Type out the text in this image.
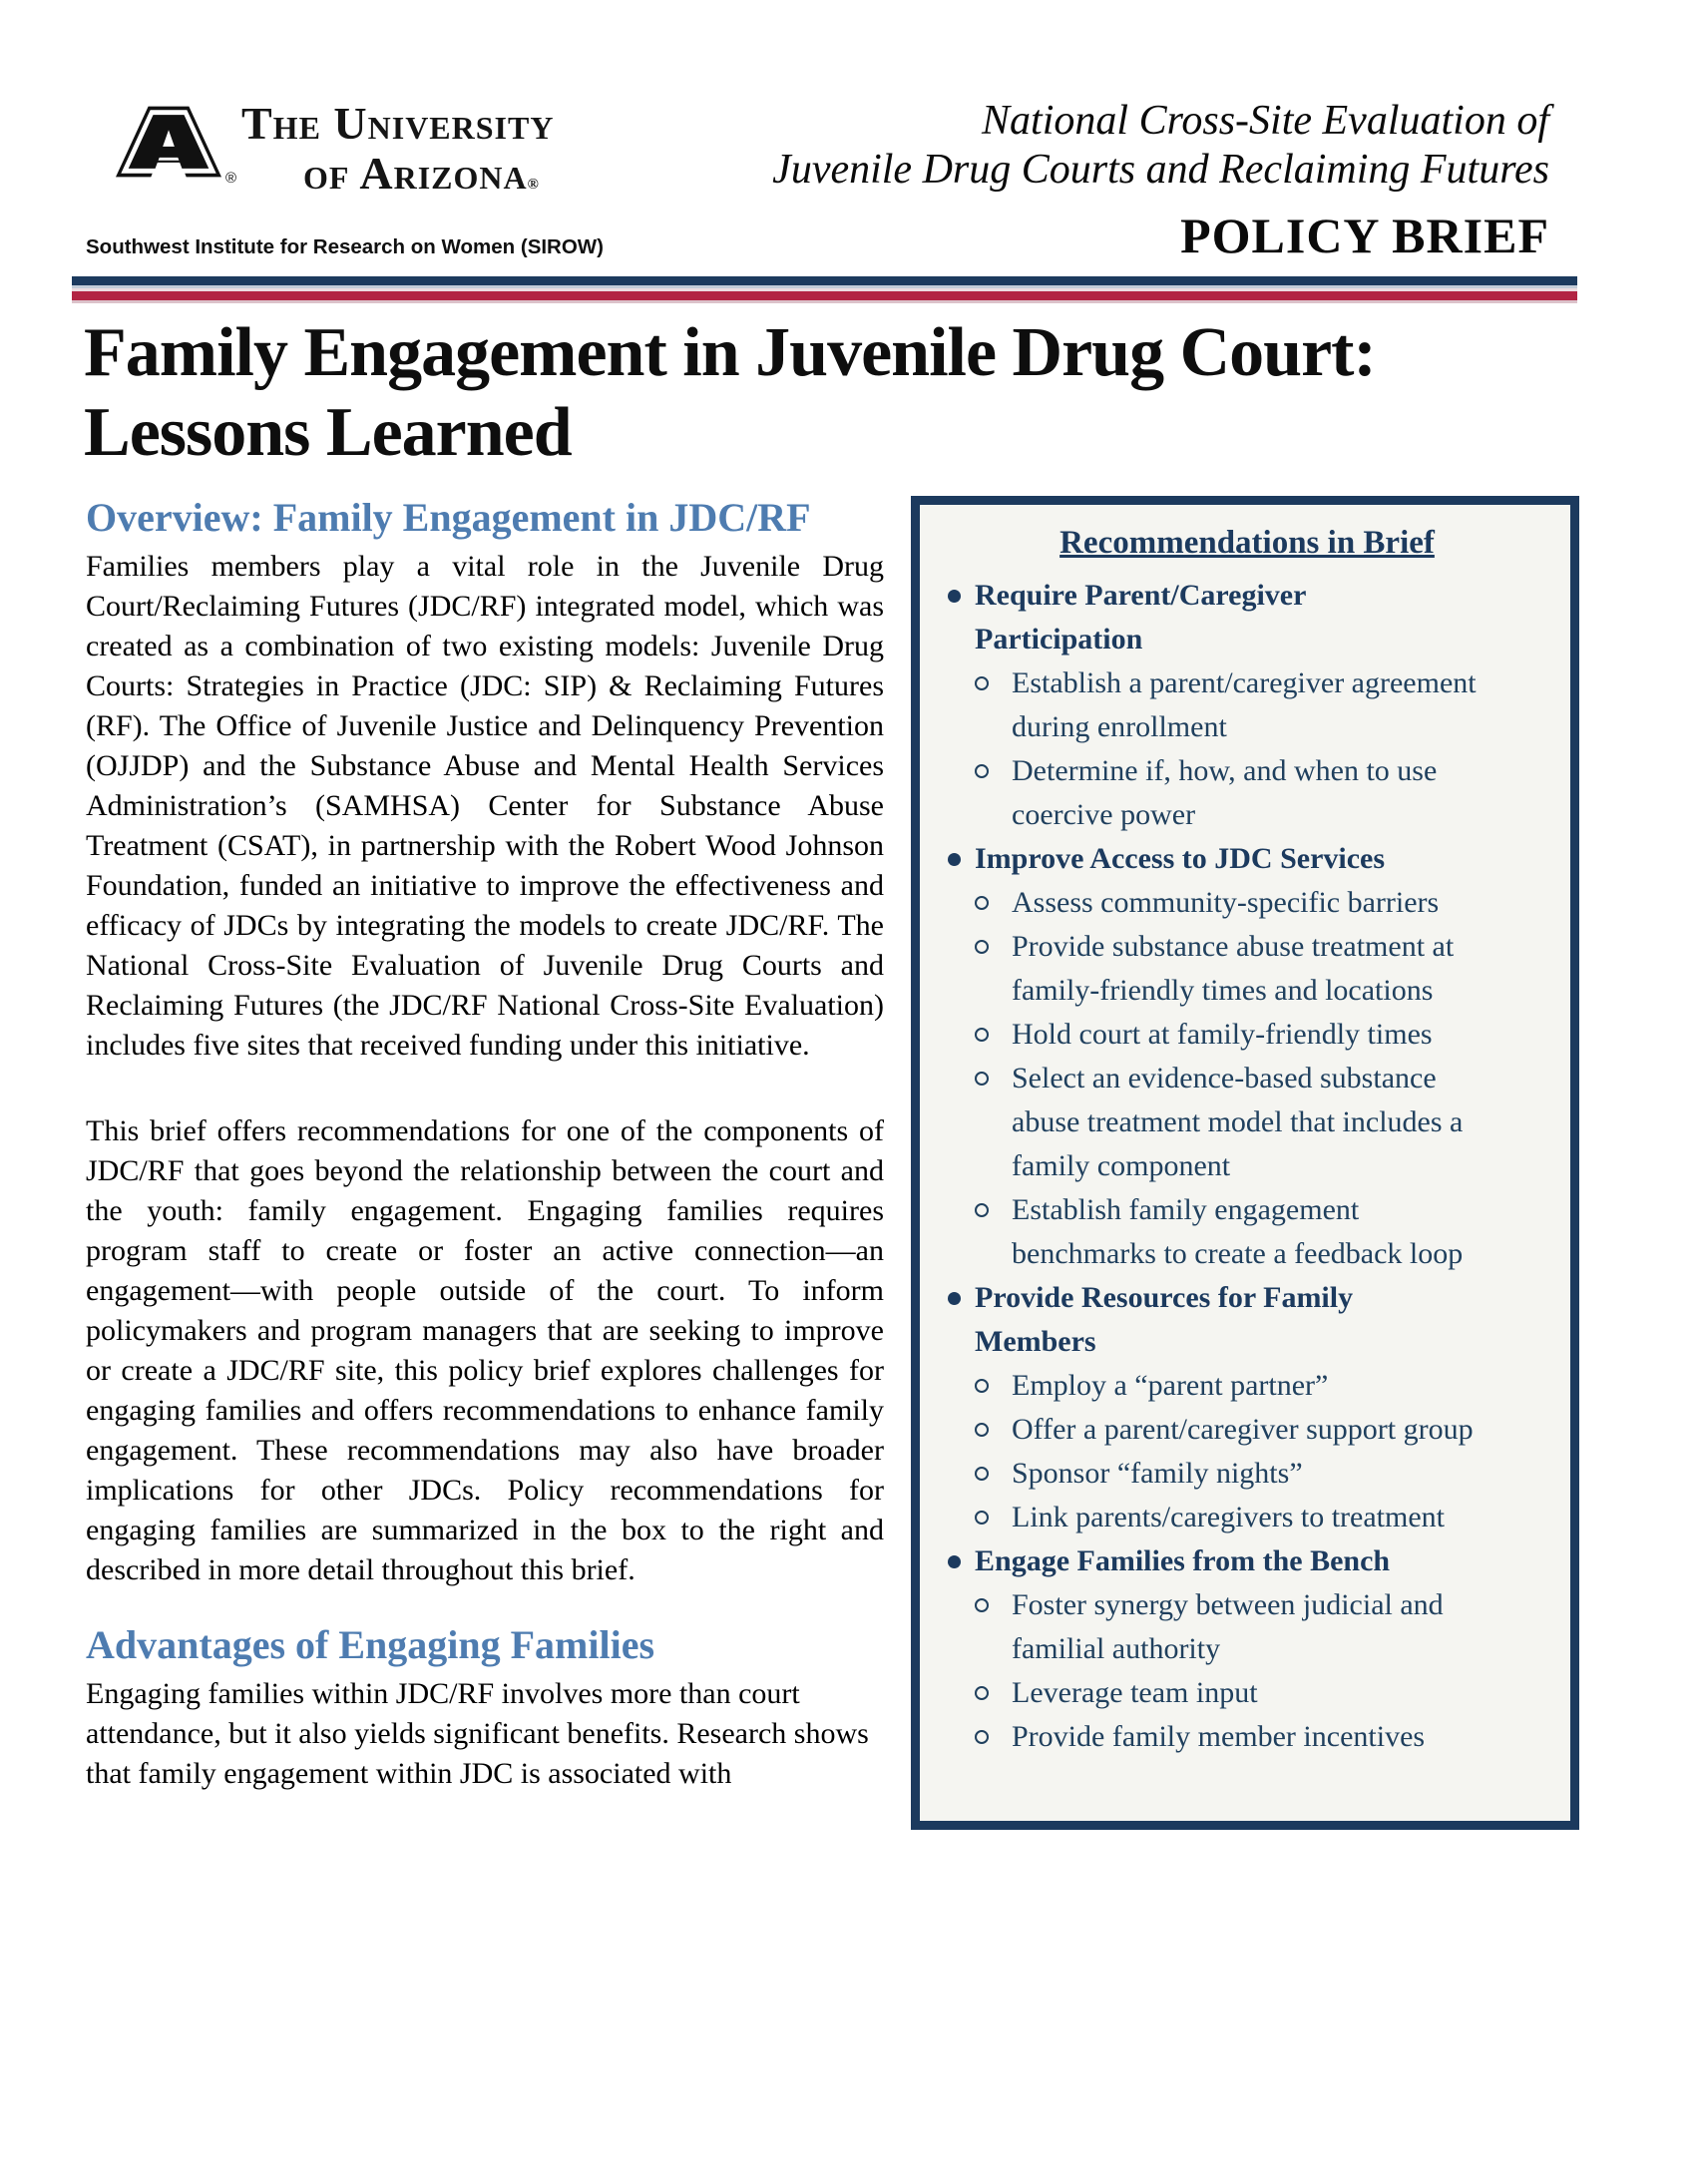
®
The University
of Arizona®
Southwest Institute for Research on Women (SIROW)
National Cross-Site Evaluation of
Juvenile Drug Courts and Reclaiming Futures
POLICY BRIEF
Family Engagement in Juvenile Drug Court:
Lessons Learned
Overview: Family Engagement in JDC/RF

Families members play a vital role in the Juvenile Drug Court/Reclaiming Futures (JDC/RF) integrated model, which was created as a combination of two existing models: Juvenile Drug Courts: Strategies in Practice (JDC: SIP) & Reclaiming Futures (RF). The Office of Juvenile Justice and Delinquency Prevention (OJJDP) and the Substance Abuse and Mental Health Services Administration’s (SAMHSA) Center for Substance Abuse Treatment (CSAT), in partnership with the Robert Wood Johnson Foundation, funded an initiative to improve the effectiveness and efficacy of JDCs by integrating the models to create JDC/RF. The National Cross-Site Evaluation of Juvenile Drug Courts and Reclaiming Futures (the JDC/RF National Cross-Site Evaluation) includes five sites that received funding under this initiative.

This brief offers recommendations for one of the components of JDC/RF that goes beyond the relationship between the court and the youth: family engagement. Engaging families requires program staff to create or foster an active connection—an engagement—with people outside of the court. To inform policymakers and program managers that are seeking to improve or create a JDC/RF site, this policy brief explores challenges for engaging families and offers recommendations to enhance family engagement. These recommendations may also have broader implications for other JDCs. Policy recommendations for engaging families are summarized in the box to the right and described in more detail throughout this brief.

Advantages of Engaging Families

Engaging families within JDC/RF involves more than court attendance, but it also yields significant benefits. Research shows that family engagement within JDC is associated with

Recommendations in Brief
Require Parent/Caregiver Participation
Establish a parent/caregiver agreement during enrollment
Determine if, how, and when to use coercive power
Improve Access to JDC Services
Assess community-specific barriers
Provide substance abuse treatment at family-friendly times and locations
Hold court at family-friendly times
Select an evidence-based substance abuse treatment model that includes a family component
Establish family engagement benchmarks to create a feedback loop
Provide Resources for Family Members
Employ a “parent partner”
Offer a parent/caregiver support group
Sponsor “family nights”
Link parents/caregivers to treatment
Engage Families from the Bench
Foster synergy between judicial and familial authority
Leverage team input
Provide family member incentives
